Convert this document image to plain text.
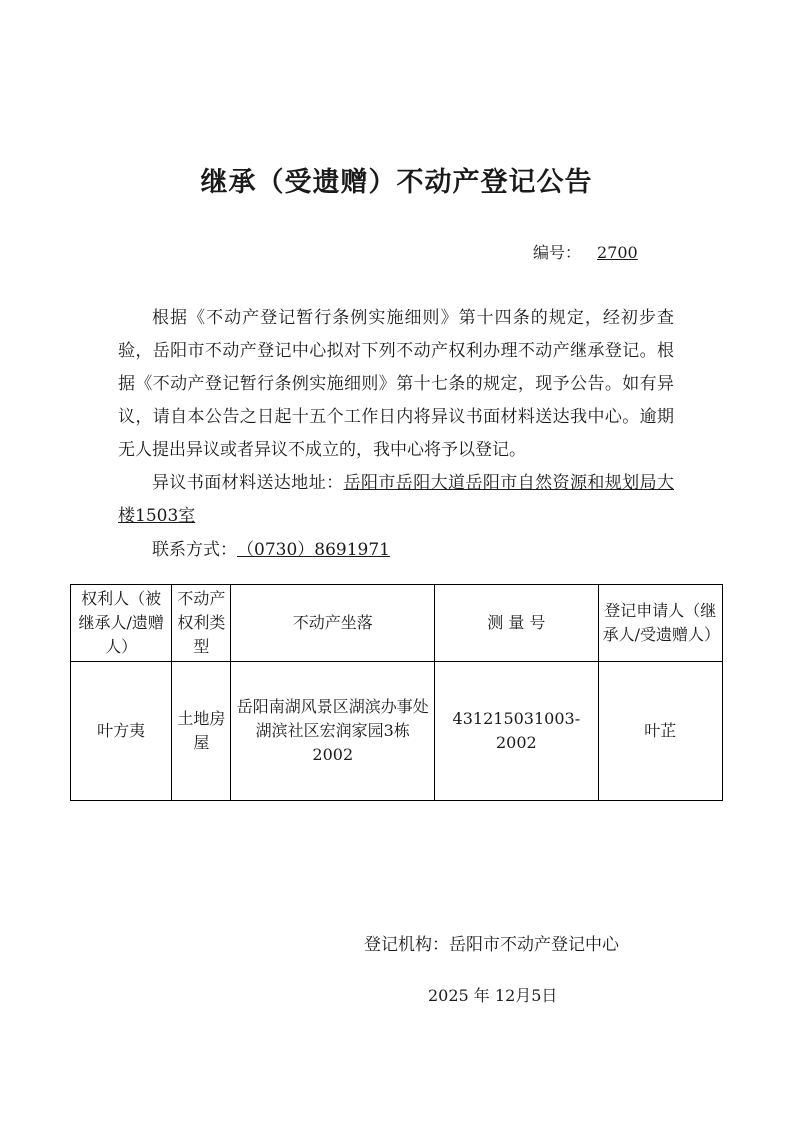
继承（受遗赠）不动产登记公告
编号： 2700

根据《不动产登记暂行条例实施细则》第十四条的规定，经初步查验，岳阳市不动产登记中心拟对下列不动产权利办理不动产继承登记。根据《不动产登记暂行条例实施细则》第十七条的规定，现予公告。如有异议，请自本公告之日起十五个工作日内将异议书面材料送达我中心。逾期无人提出异议或者异议不成立的，我中心将予以登记。

异议书面材料送达地址：岳阳市岳阳大道岳阳市自然资源和规划局大楼1503室

联系方式：（0730）8691971
权利人（被继承人/遗赠人）	不动产权利类型	不动产坐落	测 量 号	登记申请人（继承人/受遗赠人）
叶方夷	土地房屋	岳阳南湖风景区湖滨办事处湖滨社区宏润家园3栋2002	431215031003-2002	叶芷
登记机构：岳阳市不动产登记中心
2025 年 12月5日
